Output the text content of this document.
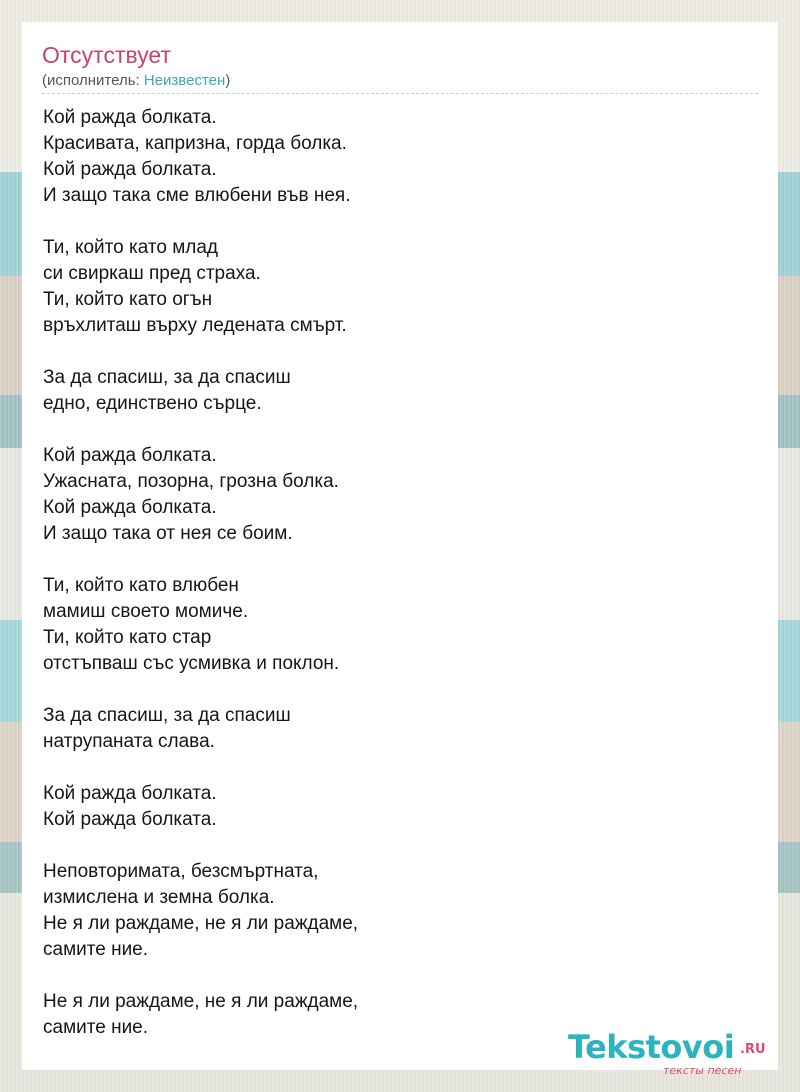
Отсутствует
(исполнитель: Неизвестен)
Кой ражда болката.
Красивата, капризна, горда болка.
Кой ражда болката.
И защо така сме влюбени във нея.
Ти, който като млад
си свиркаш пред страха.
Ти, който като огън
връхлиташ върху ледената смърт.
За да спасиш, за да спасиш
едно, единствено сърце.
Кой ражда болката.
Ужасната, позорна, грозна болка.
Кой ражда болката.
И защо така от нея се боим.
Ти, който като влюбен
мамиш своето момиче.
Ти, който като стар
отстъпваш със усмивка и поклон.
За да спасиш, за да спасиш
натрупаната слава.
Кой ражда болката.
Кой ражда болката.
Неповторимата, безсмъртната,
измислена и земна болка.
Не я ли раждаме, не я ли раждаме,
самите ние.
Не я ли раждаме, не я ли раждаме,
самите ние.
Tekstovoi .RU
тексты песен
